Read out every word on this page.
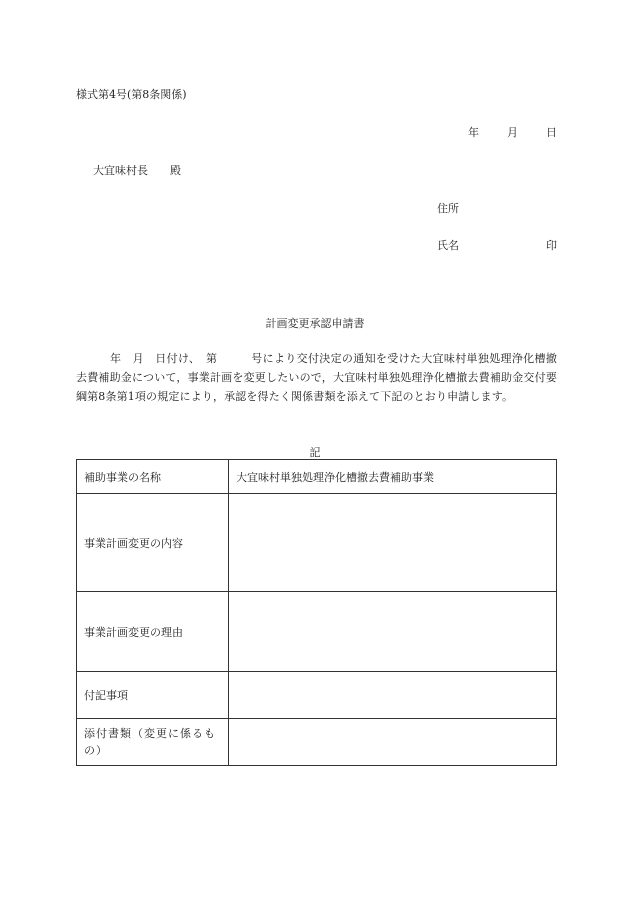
様式第4号(第8条関係)
年	月	日
大宜味村長　　殿
住所
氏名	印
計画変更承認申請書
　　　年　月　日付け、　第　　　号により交付決定の通知を受けた大宜味村単独処理浄化槽撤去費補助金について，事業計画を変更したいので，大宜味村単独処理浄化槽撤去費補助金交付要綱第8条第1項の規定により，承認を得たく関係書類を添えて下記のとおり申請します。
記
補助事業の名称	大宜味村単独処理浄化槽撤去費補助事業
事業計画変更の内容	
事業計画変更の理由	
付記事項	
添付書類（変更に係るもの）	
